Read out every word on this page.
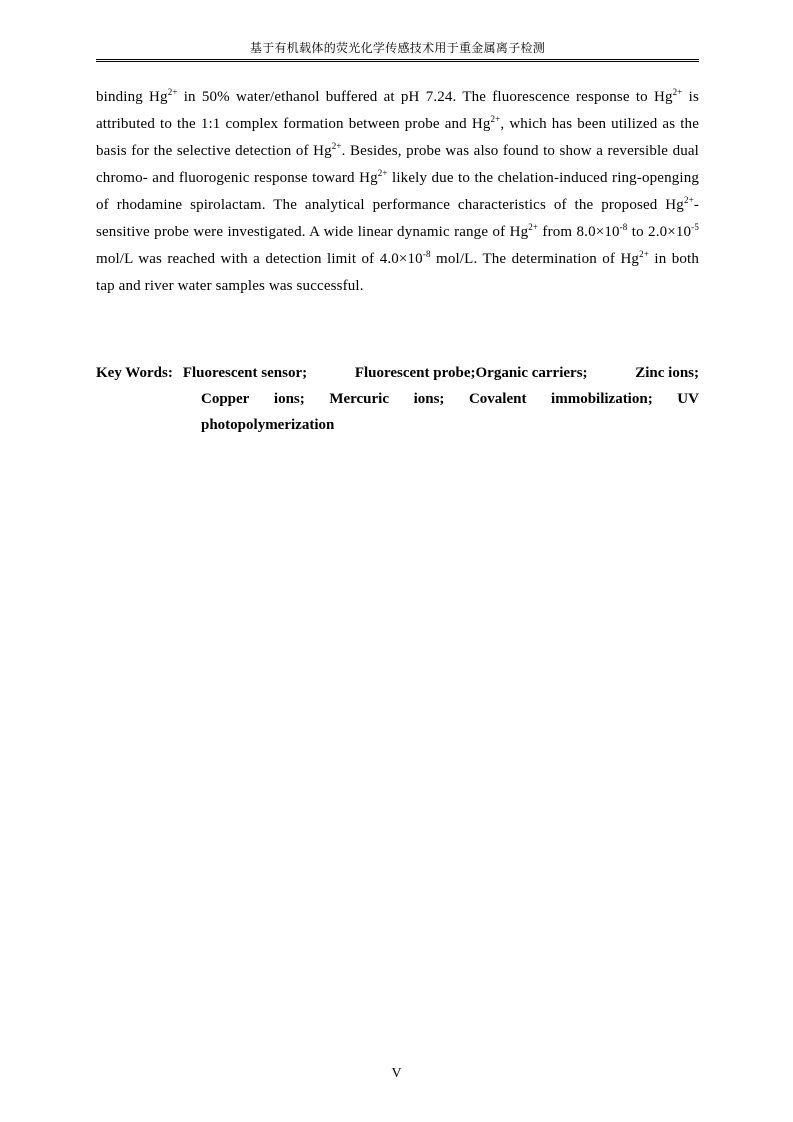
基于有机载体的荧光化学传感技术用于重金属离子检测

binding $Hg^{2+}$ in 50% water/ethanol buffered at pH 7.24. The fluorescence response to $Hg^{2+}$ is attributed to the 1:1 complex formation between probe and $Hg^{2+}$, which has been utilized as the basis for the selective detection of $Hg^{2+}$. Besides, probe was also found to show a reversible dual chromo- and fluorogenic response toward $Hg^{2+}$ likely due to the chelation-induced ring-openging of rhodamine spirolactam. The analytical performance characteristics of the proposed $Hg^{2+}$-sensitive probe were investigated. A wide linear dynamic range of $Hg^{2+}$ from $8.0\times 10^{-8}$ to $2.0\times 10^{-5}$ mol/L was reached with a detection limit of $4.0\times 10^{-8}$ mol/L. The determination of $Hg^{2+}$ in both tap and river water samples was successful.

Key Words: Fluorescent sensor;	Fluorescent probe;Organic carriers;	Zinc ions;
Copper ions; Mercuric ions; Covalent immobilization; UV
photopolymerization
V
